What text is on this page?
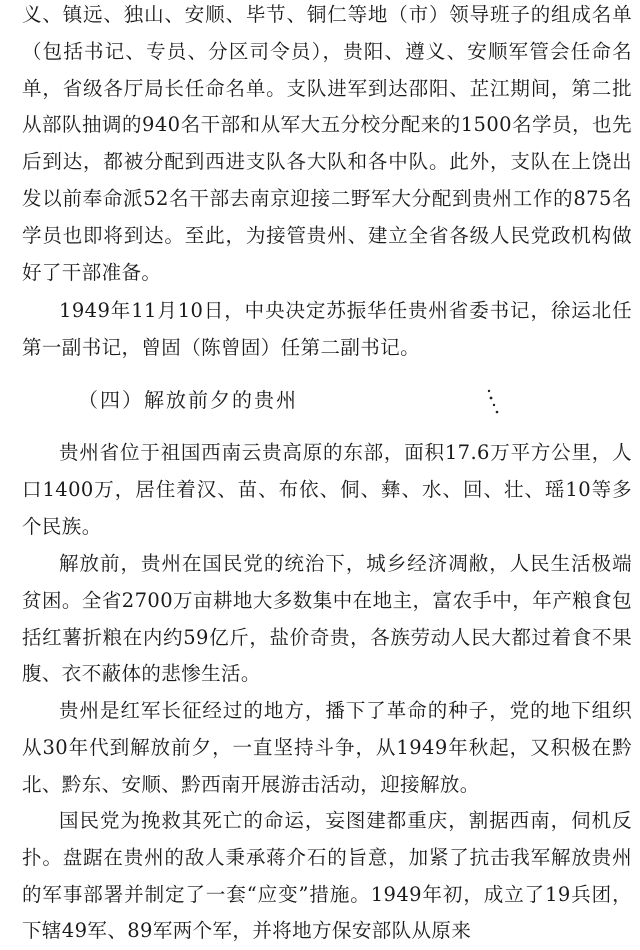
义、镇远、独山、安顺、毕节、铜仁等地（市）领导班子的组成名单（包括书记、专员、分区司令员），贵阳、遵义、安顺军管会任命名单，省级各厅局长任命名单。支队进军到达邵阳、芷江期间，第二批从部队抽调的940名干部和从军大五分校分配来的1500名学员，也先后到达，都被分配到西进支队各大队和各中队。此外，支队在上饶出发以前奉命派52名干部去南京迎接二野军大分配到贵州工作的875名学员也即将到达。至此，为接管贵州、建立全省各级人民党政机构做好了干部准备。
1949年11月10日，中央决定苏振华任贵州省委书记，徐运北任第一副书记，曾固（陈曾固）任第二副书记。
（四）解放前夕的贵州
贵州省位于祖国西南云贵高原的东部，面积17.6万平方公里，人口1400万，居住着汉、苗、布依、侗、彝、水、回、壮、瑶10等多个民族。
解放前，贵州在国民党的统治下，城乡经济凋敝，人民生活极端贫困。全省2700万亩耕地大多数集中在地主，富农手中，年产粮食包括红薯折粮在内约59亿斤，盐价奇贵，各族劳动人民大都过着食不果腹、衣不蔽体的悲惨生活。
贵州是红军长征经过的地方，播下了革命的种子，党的地下组织从30年代到解放前夕，一直坚持斗争，从1949年秋起，又积极在黔北、黔东、安顺、黔西南开展游击活动，迎接解放。
国民党为挽救其死亡的命运，妄图建都重庆，割据西南，伺机反扑。盘踞在贵州的敌人秉承蒋介石的旨意，加紧了抗击我军解放贵州的军事部署并制定了一套“应变”措施。1949年初，成立了19兵团，下辖49军、89军两个军，并将地方保安部队从原来
